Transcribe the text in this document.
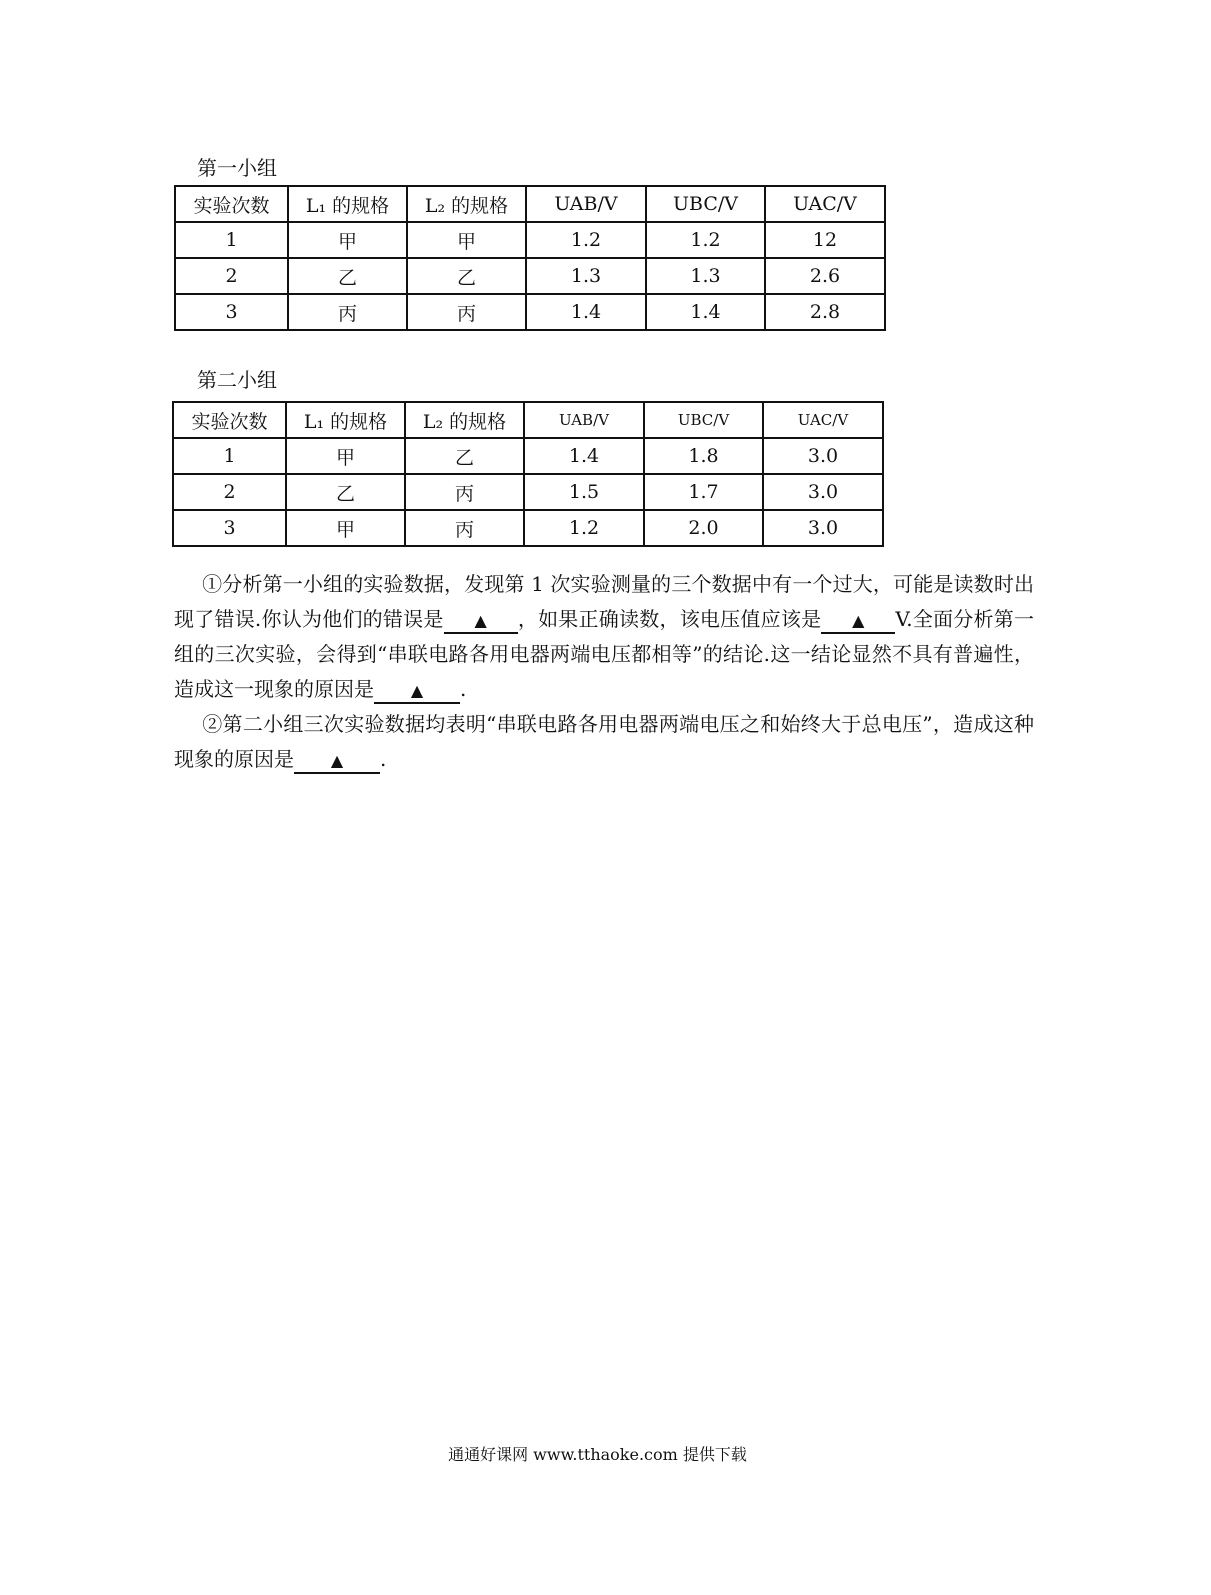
第一小组
实验次数	L₁ 的规格	L₂ 的规格	UAB/V	UBC/V	UAC/V
1	甲	甲	1.2	1.2	12
2	乙	乙	1.3	1.3	2.6
3	丙	丙	1.4	1.4	2.8
第二小组
实验次数	L₁ 的规格	L₂ 的规格	UAB/V	UBC/V	UAC/V
1	甲	乙	1.4	1.8	3.0
2	乙	丙	1.5	1.7	3.0
3	甲	丙	1.2	2.0	3.0
①分析第一小组的实验数据，发现第 1 次实验测量的三个数据中有一个过大，可能是读数时出现了错误.你认为他们的错误是 ▲ ，如果正确读数，该电压值应该是 ▲ V.全面分析第一组的三次实验，会得到“串联电路各用电器两端电压都相等”的结论.这一结论显然不具有普遍性，造成这一现象的原因是 ▲ .
②第二小组三次实验数据均表明“串联电路各用电器两端电压之和始终大于总电压”，造成这种现象的原因是 ▲ .
通通好课网 www.tthaoke.com 提供下载
